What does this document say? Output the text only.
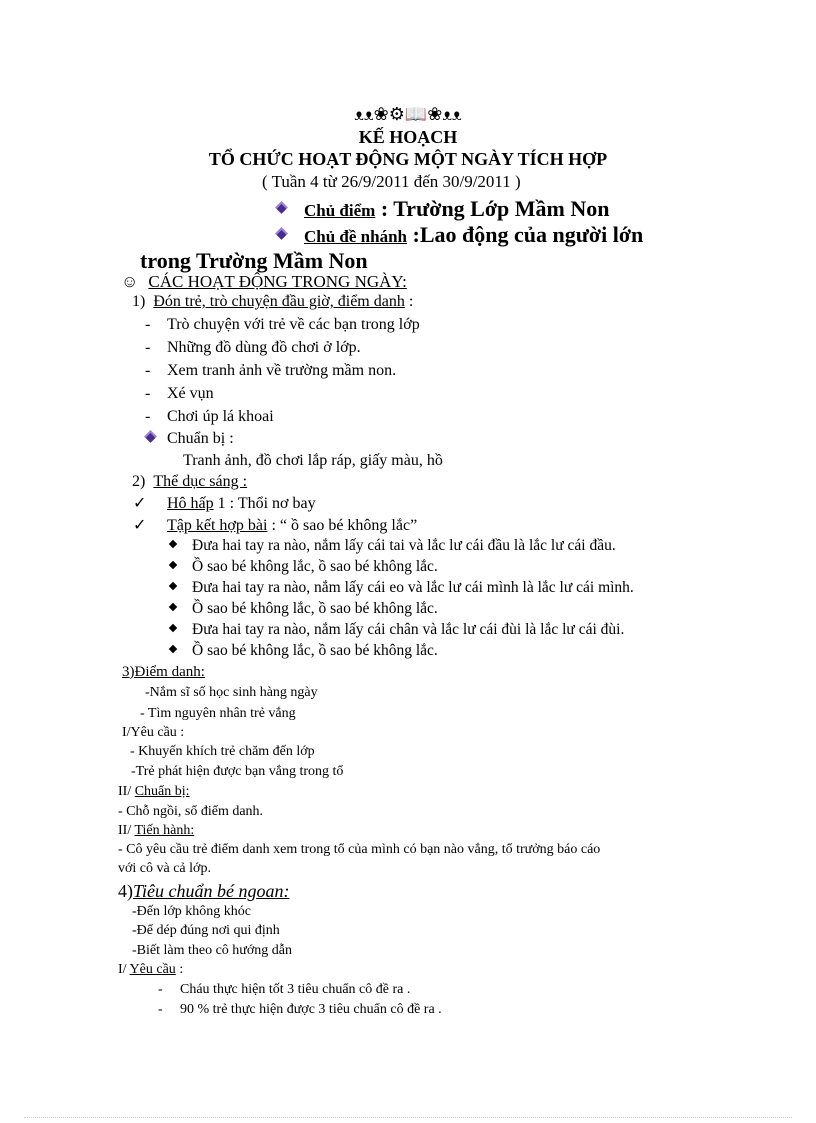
ᴥᴥ❀⚙📖❀ᴥᴥ
KẾ HOẠCH
TỔ CHỨC HOẠT ĐỘNG MỘT NGÀY TÍCH HỢP
( Tuần 4 từ 26/9/2011 đến 30/9/2011 )
Chủ điểm : Trường Lớp Mầm Non
Chủ đề nhánh :Lao động của người lớn
trong Trường Mầm Non
☺ CÁC HOẠT ĐỘNG TRONG NGÀY:
1) Đón trẻ, trò chuyện đầu giờ, điểm danh :
- Trò chuyện với trẻ về các bạn trong lớp
- Những đồ dùng đồ chơi ở lớp.
- Xem tranh ảnh về trường mầm non.
- Xé vụn
- Chơi úp lá khoai
Chuẩn bị :
Tranh ảnh, đồ chơi lắp ráp, giấy màu, hồ
2) Thể dục sáng :
✓ Hô hấp 1 : Thổi nơ bay
✓ Tập kết hợp bài : “ ồ sao bé không lắc”
Đưa hai tay ra nào, nắm lấy cái tai và lắc lư cái đầu là lắc lư cái đầu.
Ồ sao bé không lắc, ồ sao bé không lắc.
Đưa hai tay ra nào, nắm lấy cái eo và lắc lư cái mình là lắc lư cái mình.
Ồ sao bé không lắc, ồ sao bé không lắc.
Đưa hai tay ra nào, nắm lấy cái chân và lắc lư cái đùi là lắc lư cái đùi.
Ồ sao bé không lắc, ồ sao bé không lắc.
3)Điểm danh:
-Nắm sĩ số học sinh hàng ngày
- Tìm nguyên nhân trẻ vắng
I/Yêu cầu :
- Khuyến khích trẻ chăm đến lớp
-Trẻ phát hiện được bạn vắng trong tổ
II/ Chuẩn bị:
- Chỗ ngồi, sổ điểm danh.
II/ Tiến hành:
- Cô yêu cầu trẻ điểm danh xem trong tổ của mình có bạn nào vắng, tổ trưởng báo cáo
với cô và cả lớp.
4)Tiêu chuẩn bé ngoan:
-Đến lớp không khóc
-Để dép đúng nơi qui định
-Biết làm theo cô hướng dẫn
I/ Yêu cầu :
- Cháu thực hiện tốt 3 tiêu chuẩn cô đề ra .
- 90 % trẻ thực hiện được 3 tiêu chuẩn cô đề ra .
